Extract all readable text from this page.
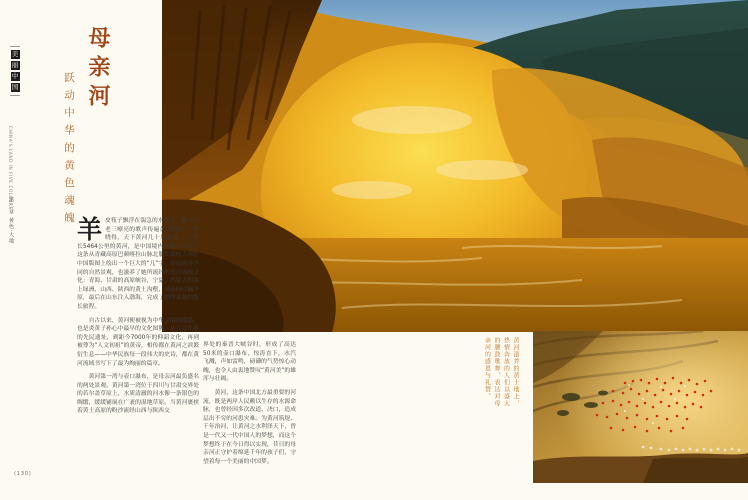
美
丽
中
国
CHINA'S LAND IN FIVE COLOURS
第二章 黄色·大地
(130)
母亲河
跃动中华的黄色魂魄 羊皮筏子飘浮在湍急的水面上，艄工马老三嘹亮的歌声传遍黄河两岸：“你晓得，天下黄河几十几道弯……”全长5464公里的黄河，是中国境内的第二长河，这条从青藏高原巴颜喀拉山脉北麓发源的大河在中国版图上绘出一个巨大的“几”字，串起迥异不同的自然景观，也滋养了她所流经的黄河流域文化：青海、甘肃的高原峡谷，宁夏、内蒙古的塞上绿洲，山西、陕西的黄土沟壑，河南的辽阔平原，最后在山东注入渤海，完成了她所承载的悠长旅程。

自古以来，黄河便被视为中华文明的摇篮，也是炎黄子孙心中最早的文化图腾。从百万年前的先民遗址，到距今7000年的仰韶文化，再到被尊为“人文初祖”的黄帝，相传都在黄河之滨繁衍生息——中华民族每一段伟大的史诗，都在黄河流域书写下了最为绚丽的篇章。

黄河第一湾与壶口瀑布，是母亲河最负盛名的两处景观。黄河第一湾位于四川与甘肃交界处的若尔盖草原上，水质清澈的河水像一条银色的绸缎，缓缓铺展在广袤的湿地草原。当黄河裹挟着黄土高原的粉沙流经山西与陕西交

界处的秦晋大峡谷时，形成了高达50米的壶口瀑布，惊涛直下，水汽飞溅，声如雷鸣，磅礴的气势惊心动魄，也令人由衷地赞叹“黄河美”的雄浑与壮阔。

黄河，这条中国北方最重要的河流，既是两岸人民赖以生存的水源命脉，也曾经因多次改道、决口，造成层出不穷的河患灾难。为黄河筑堤、千年治河，让黄河之水利泽天下，曾是一代又一代中国人的梦想，而这个梦想终于在今日得以实现，昔日的母亲河正守护着绵延千年的孩子们，守望着每一个美丽的中国梦。

黄河滋养的黄土地上，热情奔放的人们以盛大的腰鼓歌舞，表达对母亲河的感恩与礼赞。
